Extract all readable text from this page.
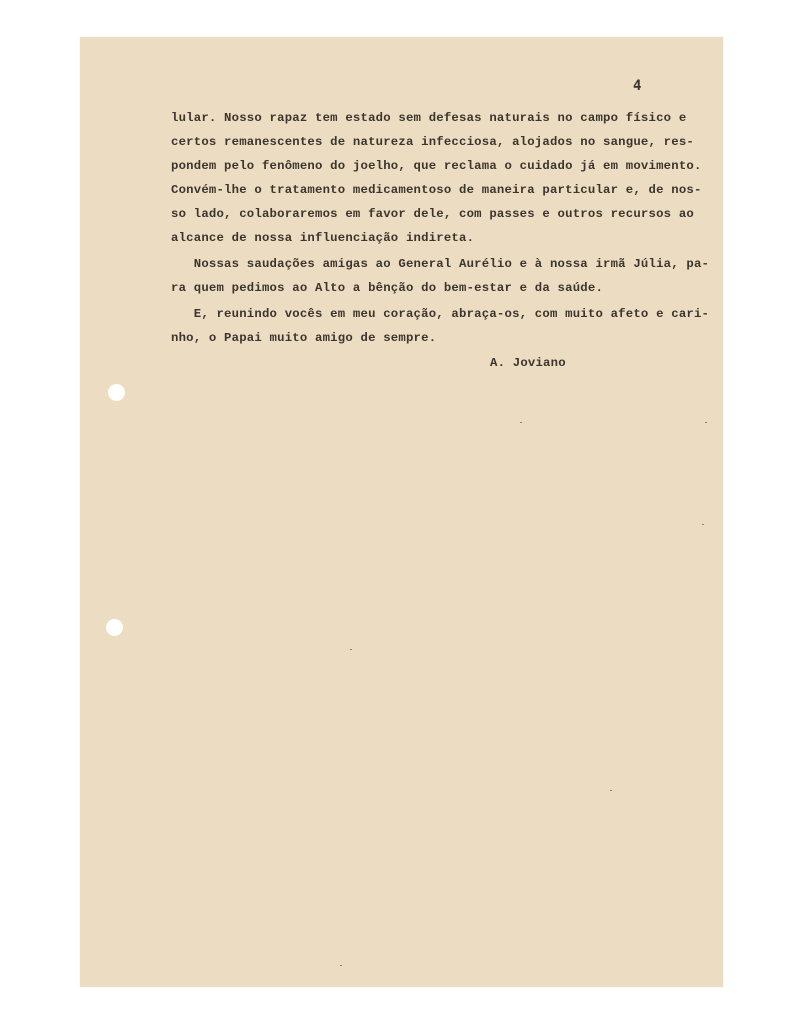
4

lular. Nosso rapaz tem estado sem defesas naturais no campo físico e

certos remanescentes de natureza infecciosa, alojados no sangue, res-

pondem pelo fenômeno do joelho, que reclama o cuidado já em movimento.

Convém-lhe o tratamento medicamentoso de maneira particular e, de nos-

so lado, colaboraremos em favor dele, com passes e outros recursos ao

alcance de nossa influenciação indireta.

Nossas saudações amigas ao General Aurélio e à nossa irmã Júlia, pa-

ra quem pedimos ao Alto a bênção do bem-estar e da saúde.

E, reunindo vocês em meu coração, abraça-os, com muito afeto e cari-

nho, o Papai muito amigo de sempre.

A. Joviano
